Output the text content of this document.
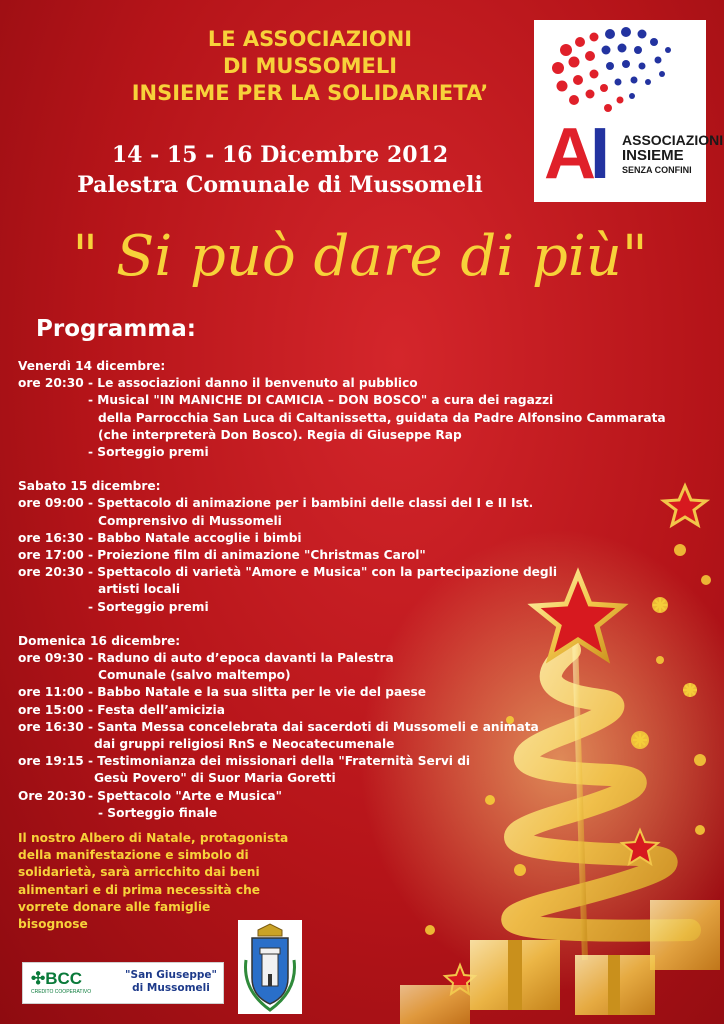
LE ASSOCIAZIONI
DI MUSSOMELI
INSIEME PER LA SOLIDARIETA’
14 - 15 - 16 Dicembre 2012
Palestra Comunale di Mussomeli AI ASSOCIAZIONI
INSIEME
SENZA CONFINI
" Si può dare di più"
Programma:
Venerdì 14 dicembre:
ore 20:30 - Le associazioni danno il benvenuto al pubblico
- Musical "IN MANICHE DI CAMICIA – DON BOSCO" a cura dei ragazzi
della Parrocchia San Luca di Caltanissetta, guidata da Padre Alfonsino Cammarata
(che interpreterà Don Bosco). Regia di Giuseppe Rap
- Sorteggio premi
Sabato 15 dicembre:
ore 09:00 - Spettacolo di animazione per i bambini delle classi del I e II Ist.
Comprensivo di Mussomeli
ore 16:30 - Babbo Natale accoglie i bimbi
ore 17:00 - Proiezione film di animazione "Christmas Carol"
ore 20:30 - Spettacolo di varietà "Amore e Musica" con la partecipazione degli
artisti locali
- Sorteggio premi
Domenica 16 dicembre:
ore 09:30 - Raduno di auto d’epoca davanti la Palestra
Comunale (salvo maltempo)
ore 11:00 - Babbo Natale e la sua slitta per le vie del paese
ore 15:00 - Festa dell’amicizia
ore 16:30 - Santa Messa concelebrata dai sacerdoti di Mussomeli e animata
dai gruppi religiosi RnS e Neocatecumenale
ore 19:15 - Testimonianza dei missionari della "Fraternità Servi di
Gesù Povero" di Suor Maria Goretti
Ore 20:30 - Spettacolo "Arte e Musica"
- Sorteggio finale
Il nostro Albero di Natale, protagonista
della manifestazione e simbolo di
solidarietà, sarà arricchito dai beni
alimentari e di prima necessità che
vorrete donare alle famiglie
bisognose
✣BCC
CREDITO COOPERATIVO
"San Giuseppe"
di Mussomeli
